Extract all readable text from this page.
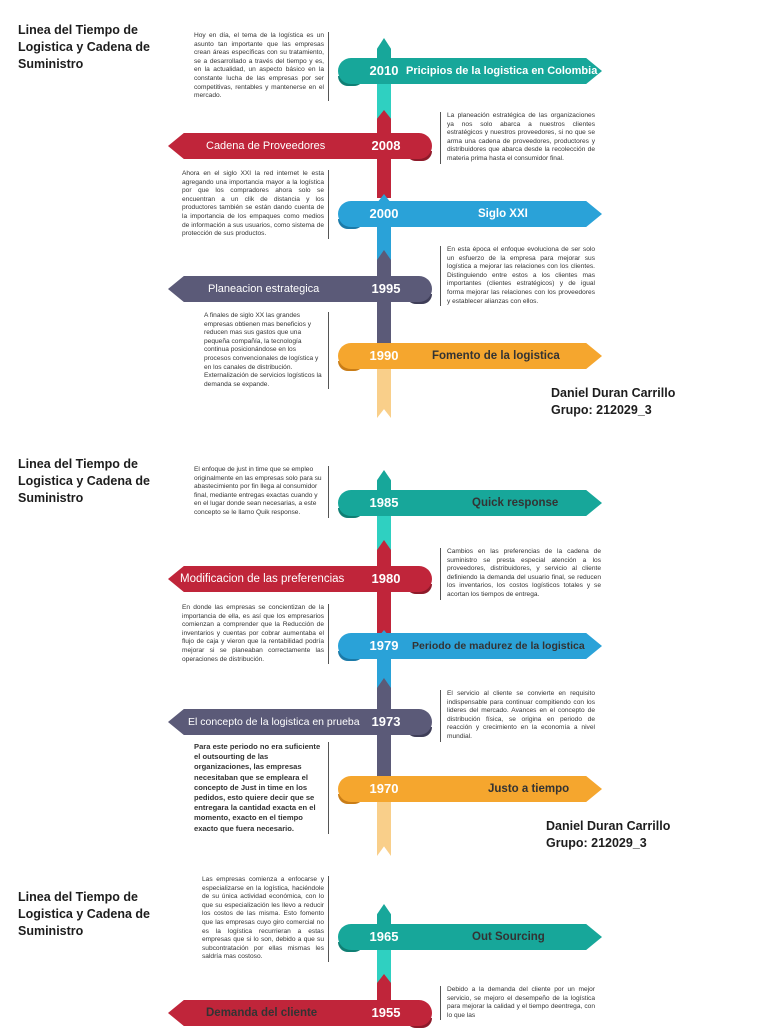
Linea del Tiempo de Logistica y Cadena de Suministro	2010 Pricipios de la logistica en Colombia
Cadena de Proveedores	2008
2000	Siglo XXI
Planeacion estrategica	1995
1990	Fomento de la logistica
Hoy en día, el tema de la logística es un asunto tan importante que las empresas crean áreas específicas con su tratamiento, se a desarrollado a través del tiempo y es, en la actualidad, un aspecto básico en la constante lucha de las empresas por ser competitivas, rentables y mantenerse en el mercado.
La planeación estratégica de las organizaciones ya nos solo abarca a nuestros clientes estratégicos y nuestros proveedores, si no que se arma una cadena de proveedores, productores y distribuidores que abarca desde la recolección de materia prima hasta el consumidor final.
Ahora en el siglo XXI la red internet le esta agregando una importancia mayor a la logística por que los compradores ahora solo se encuentran a un clik de distancia y los productores también se están dando cuenta de la importancia de los empaques como medios de información a sus usuarios, como sistema de protección de sus productos.
En esta época el enfoque evoluciona de ser solo un esfuerzo de la empresa para mejorar sus logística a mejorar las relaciones con los clientes. Distinguiendo entre estos a los clientes mas importantes (clientes estratégicos) y de igual forma mejorar las relaciones con los proveedores y establecer alianzas con ellos.
A finales de siglo XX las grandes empresas obtienen mas beneficios y reducen mas sus gastos que una pequeña compañía, la tecnología continua posicionándose en los procesos convencionales de logística y en los canales de distribución. Externalización de servicios logísticos la demanda se expande.
Daniel Duran Carrillo
Grupo: 212029_3
Linea del Tiempo de Logistica y Cadena de Suministro	1985	Quick response
Modificacion de las preferencias	1980
1979	Periodo de madurez de la logistica
El concepto de la logistica en prueba 1973
1970	Justo a tiempo
El enfoque de just in time que se empleo originalmente en las empresas solo para su abastecimiento por fin llega al consumidor final, mediante entregas exactas cuando y en el lugar donde sean necesarias, a este concepto se le llamo Quik response.
Cambios en las preferencias de la cadena de suministro se presta especial atención a los proveedores, distribuidores, y servicio al cliente definiendo la demanda del usuario final, se reducen los inventarios, los costos logísticos totales y se acortan los tiempos de entrega.
En donde las empresas se concientizan de la importancia de ella, es así que los empresarios comienzan a comprender que la Reducción de inventarios y cuentas por cobrar aumentaba el flujo de caja y vieron que la rentabilidad podría mejorar si se planeaban correctamente las operaciones de distribución.
El servicio al cliente se convierte en requisito indispensable para continuar compitiendo con los lideres del mercado. Avances en el concepto de distribución física, se origina en periodo de reacción y crecimiento en la economía a nivel mundial.
Para este periodo no era suficiente el outsourting de las organizaciones, las empresas necesitaban que se empleara el concepto de Just in time en los pedidos, esto quiere decir que se entregara la cantidad exacta en el momento, exacto en el tiempo exacto que fuera necesario.	Daniel Duran Carrillo
Grupo: 212029_3
Linea del Tiempo de Logistica y Cadena de Suministro	1965	Out Sourcing
Demanda del cliente	1955
Las empresas comienza a enfocarse y especializarse en la logística, haciéndole de su única actividad económica, con lo que su especialización les llevo a reducir los costos de las misma. Esto fomento que las empresas cuyo giro comercial no es la logística recurrieran a estas empresas que si lo son, debido a que su subcontratación por ellas mismas les saldría mas costoso.
Debido a la demanda del cliente por un mejor servicio, se mejoro el desempeño de la logística para mejorar la calidad y el tiempo deentrega, con lo que las
